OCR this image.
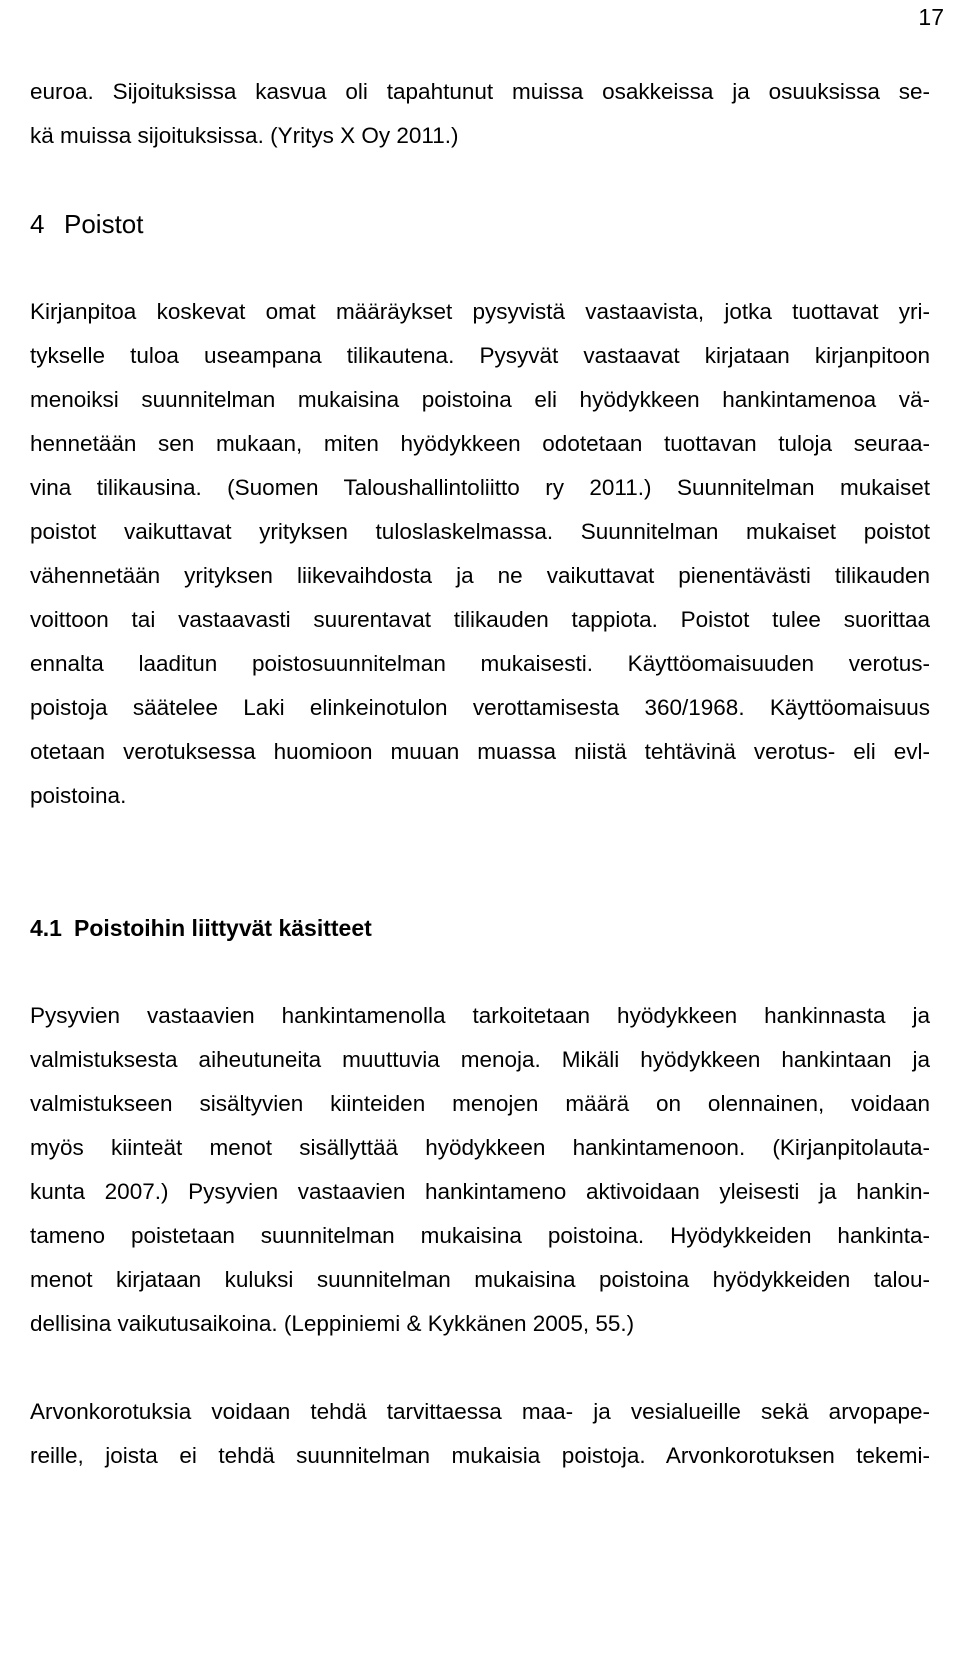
17
euroa. Sijoituksissa kasvua oli tapahtunut muissa osakkeissa ja osuuksissa se-
kä muissa sijoituksissa. (Yritys X Oy 2011.)
4 Poistot
Kirjanpitoa koskevat omat määräykset pysyvistä vastaavista, jotka tuottavat yri-
tykselle tuloa useampana tilikautena. Pysyvät vastaavat kirjataan kirjanpitoon
menoiksi suunnitelman mukaisina poistoina eli hyödykkeen hankintamenoa vä-
hennetään sen mukaan, miten hyödykkeen odotetaan tuottavan tuloja seuraa-
vina tilikausina. (Suomen Taloushallintoliitto ry 2011.) Suunnitelman mukaiset
poistot vaikuttavat yrityksen tuloslaskelmassa. Suunnitelman mukaiset poistot
vähennetään yrityksen liikevaihdosta ja ne vaikuttavat pienentävästi tilikauden
voittoon tai vastaavasti suurentavat tilikauden tappiota. Poistot tulee suorittaa
ennalta laaditun poistosuunnitelman mukaisesti. Käyttöomaisuuden verotus-
poistoja säätelee Laki elinkeinotulon verottamisesta 360/1968. Käyttöomaisuus
otetaan verotuksessa huomioon muuan muassa niistä tehtävinä verotus- eli evl-
poistoina.
4.1 Poistoihin liittyvät käsitteet
Pysyvien vastaavien hankintamenolla tarkoitetaan hyödykkeen hankinnasta ja
valmistuksesta aiheutuneita muuttuvia menoja. Mikäli hyödykkeen hankintaan ja
valmistukseen sisältyvien kiinteiden menojen määrä on olennainen, voidaan
myös kiinteät menot sisällyttää hyödykkeen hankintamenoon. (Kirjanpitolauta-
kunta 2007.) Pysyvien vastaavien hankintameno aktivoidaan yleisesti ja hankin-
tameno poistetaan suunnitelman mukaisina poistoina. Hyödykkeiden hankinta-
menot kirjataan kuluksi suunnitelman mukaisina poistoina hyödykkeiden talou-
dellisina vaikutusaikoina. (Leppiniemi & Kykkänen 2005, 55.)
Arvonkorotuksia voidaan tehdä tarvittaessa maa- ja vesialueille sekä arvopape-
reille, joista ei tehdä suunnitelman mukaisia poistoja. Arvonkorotuksen tekemi-
